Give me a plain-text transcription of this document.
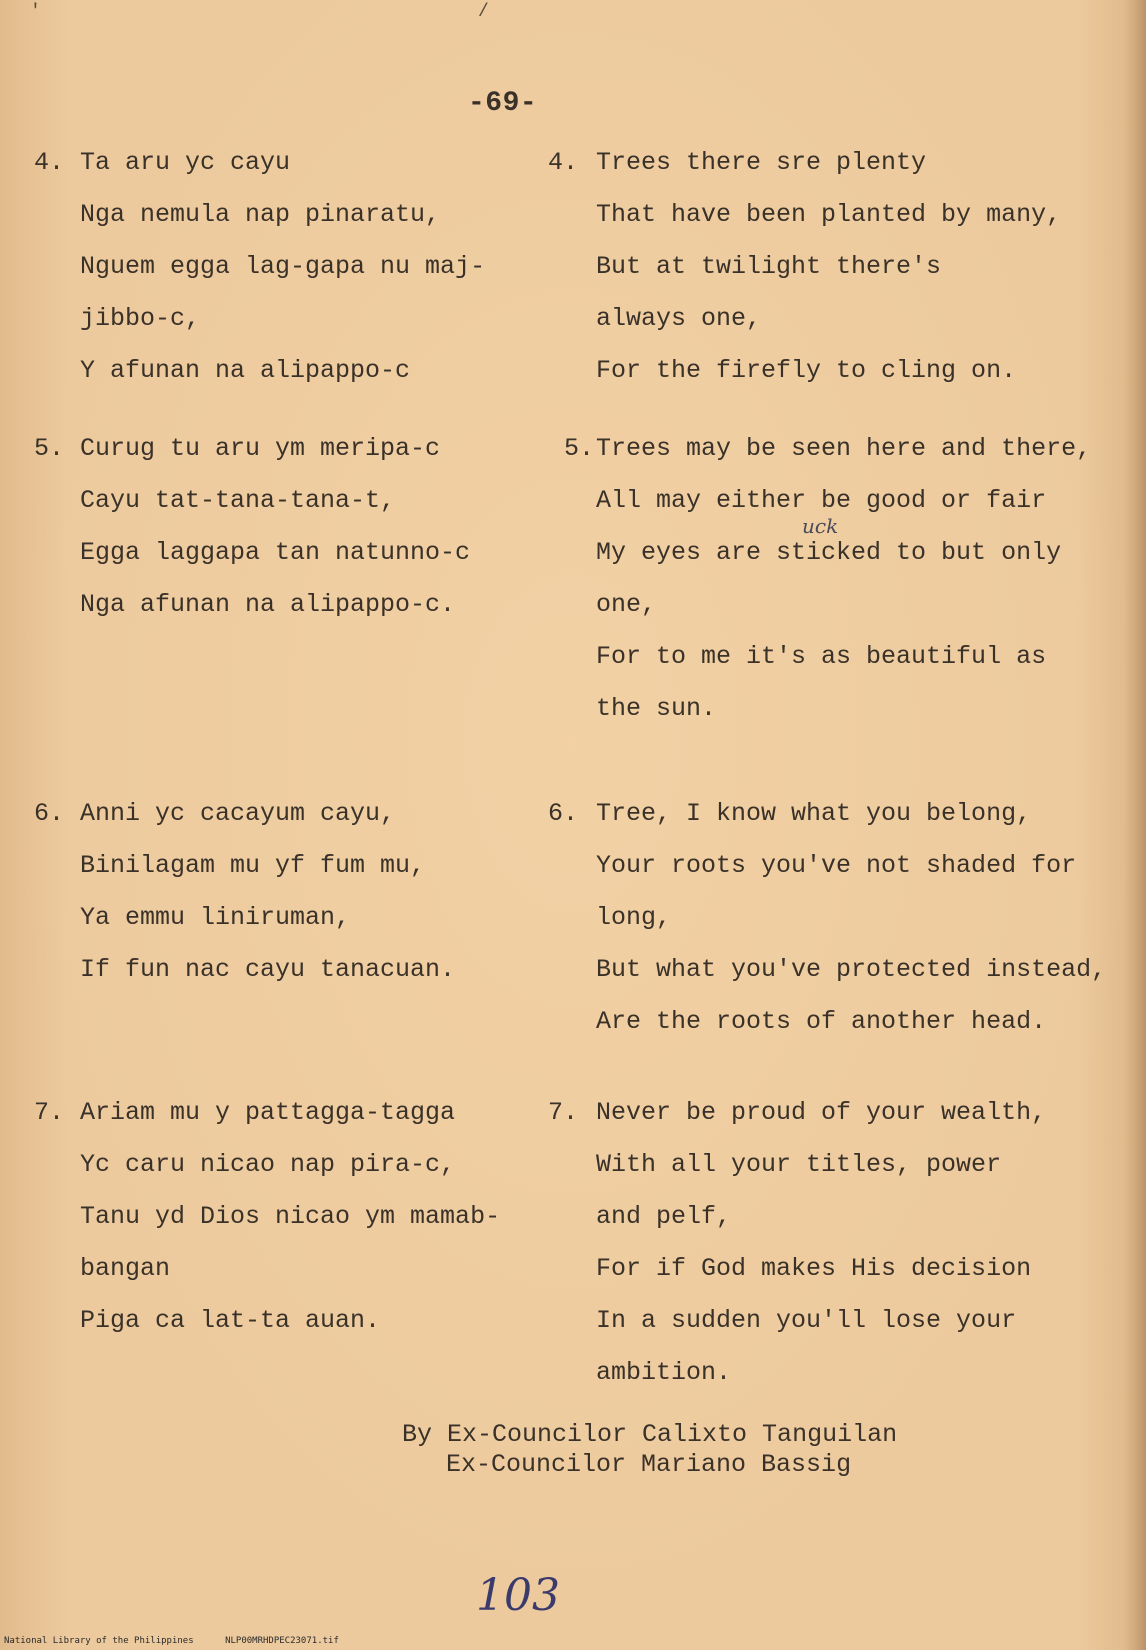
-69-
4. Ta aru yc cayu
Nga nemula nap pinaratu,
Nguem egga lag-gapa nu maj-
jibbo-c,
Y afunan na alipappo-c
5. Curug tu aru ym meripa-c
Cayu tat-tana-tana-t,
Egga laggapa tan natunno-c
Nga afunan na alipappo-c.
6. Anni yc cacayum cayu,
Binilagam mu yf fum mu,
Ya emmu liniruman,
If fun nac cayu tanacuan.
7. Ariam mu y pattagga-tagga
Yc caru nicao nap pira-c,
Tanu yd Dios nicao ym mamab-
bangan
Piga ca lat-ta auan.
4. Trees there sre plenty
That have been planted by many,
But at twilight there's
always one,
For the firefly to cling on.
5. Trees may be seen here and there,
All may either be good or fair
My eyes are sticked to but only
uck
one,
For to me it's as beautiful as
the sun.
6. Tree, I know what you belong,
Your roots you've not shaded for
long,
But what you've protected instead,
Are the roots of another head.
7. Never be proud of your wealth,
With all your titles, power
and pelf,
For if God makes His decision
In a sudden you'll lose your
ambition.
By Ex-Councilor Calixto Tanguilan
Ex-Councilor Mariano Bassig
/
'
103
National Library of the Philippines	NLP00MRHDPEC23071.tif
